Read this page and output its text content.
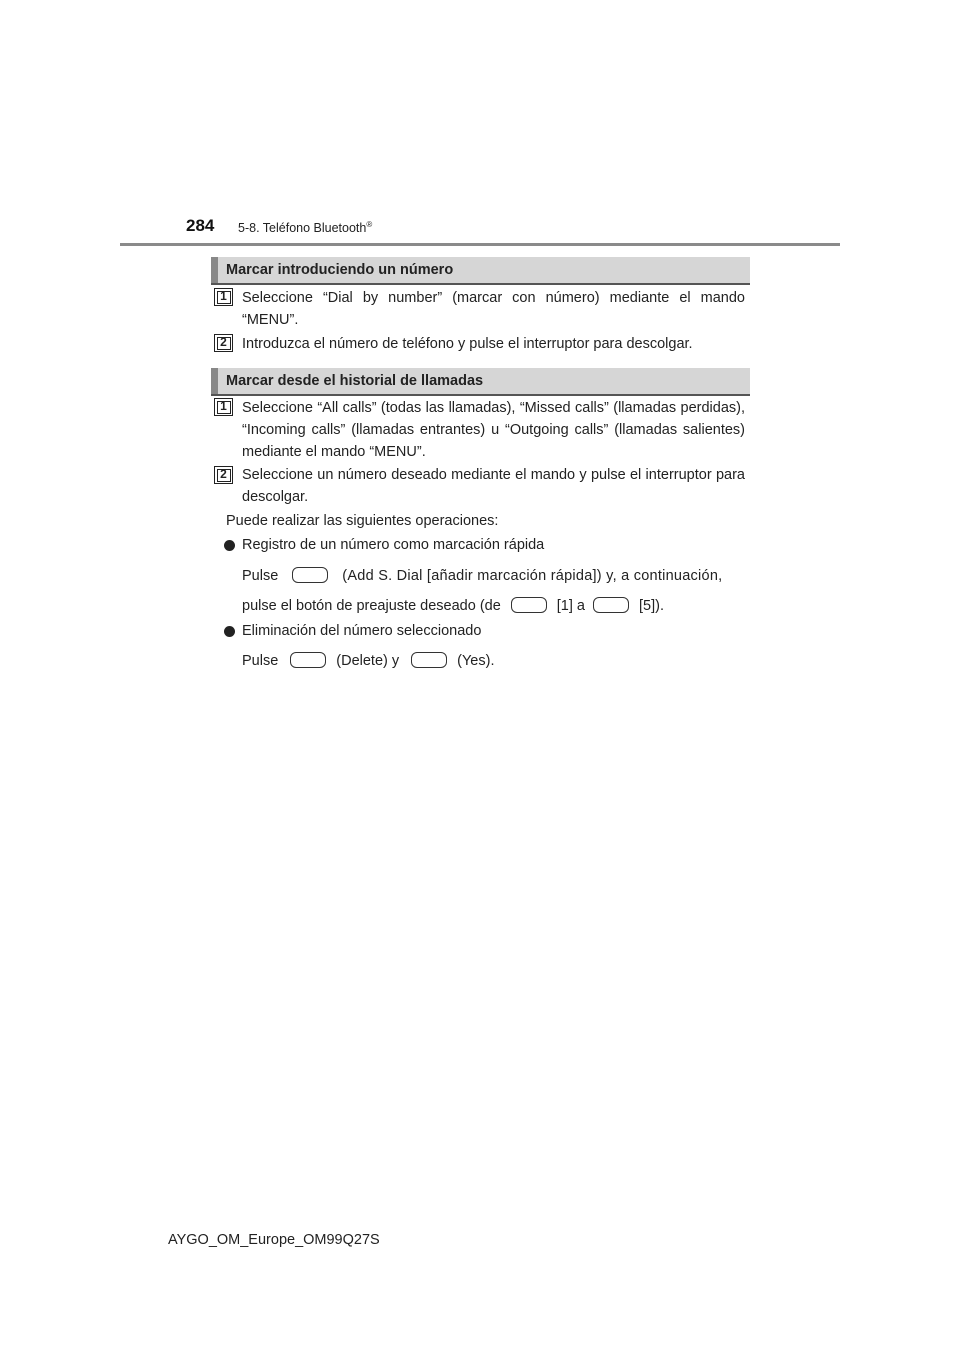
284 5-8. Teléfono Bluetooth®
Marcar introduciendo un número
1	Seleccione “Dial by number” (marcar con número) mediante el mando “MENU”.
2	Introduzca el número de teléfono y pulse el interruptor para descolgar.
Marcar desde el historial de llamadas
1	Seleccione “All calls” (todas las llamadas), “Missed calls” (llamadas perdidas), “Incoming calls” (llamadas entrantes) u “Outgoing calls” (llamadas salientes) mediante el mando “MENU”.
2	Seleccione un número deseado mediante el mando y pulse el interruptor para descolgar.
Puede realizar las siguientes operaciones:
Registro de un número como marcación rápida
Pulse	(Add S. Dial [añadir marcación rápida]) y, a continuación,
pulse el botón de preajuste deseado (de	[1] a	[5]).
Eliminación del número seleccionado
Pulse	(Delete) y	(Yes).
AYGO_OM_Europe_OM99Q27S
